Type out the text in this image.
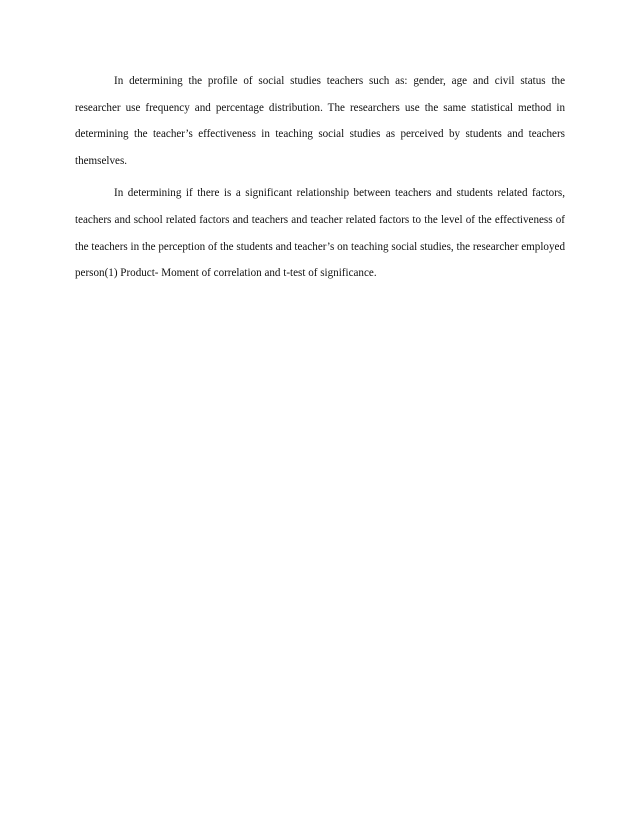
In determining the profile of social studies teachers such as: gender, age and civil status the researcher use frequency and percentage distribution. The researchers use the same statistical method in determining the teacher’s effectiveness in teaching social studies as perceived by students and teachers themselves.

In determining if there is a significant relationship between teachers and students related factors, teachers and school related factors and teachers and teacher related factors to the level of the effectiveness of the teachers in the perception of the students and teacher’s on teaching social studies, the researcher employed person(1) Product- Moment of correlation and t-test of significance.
